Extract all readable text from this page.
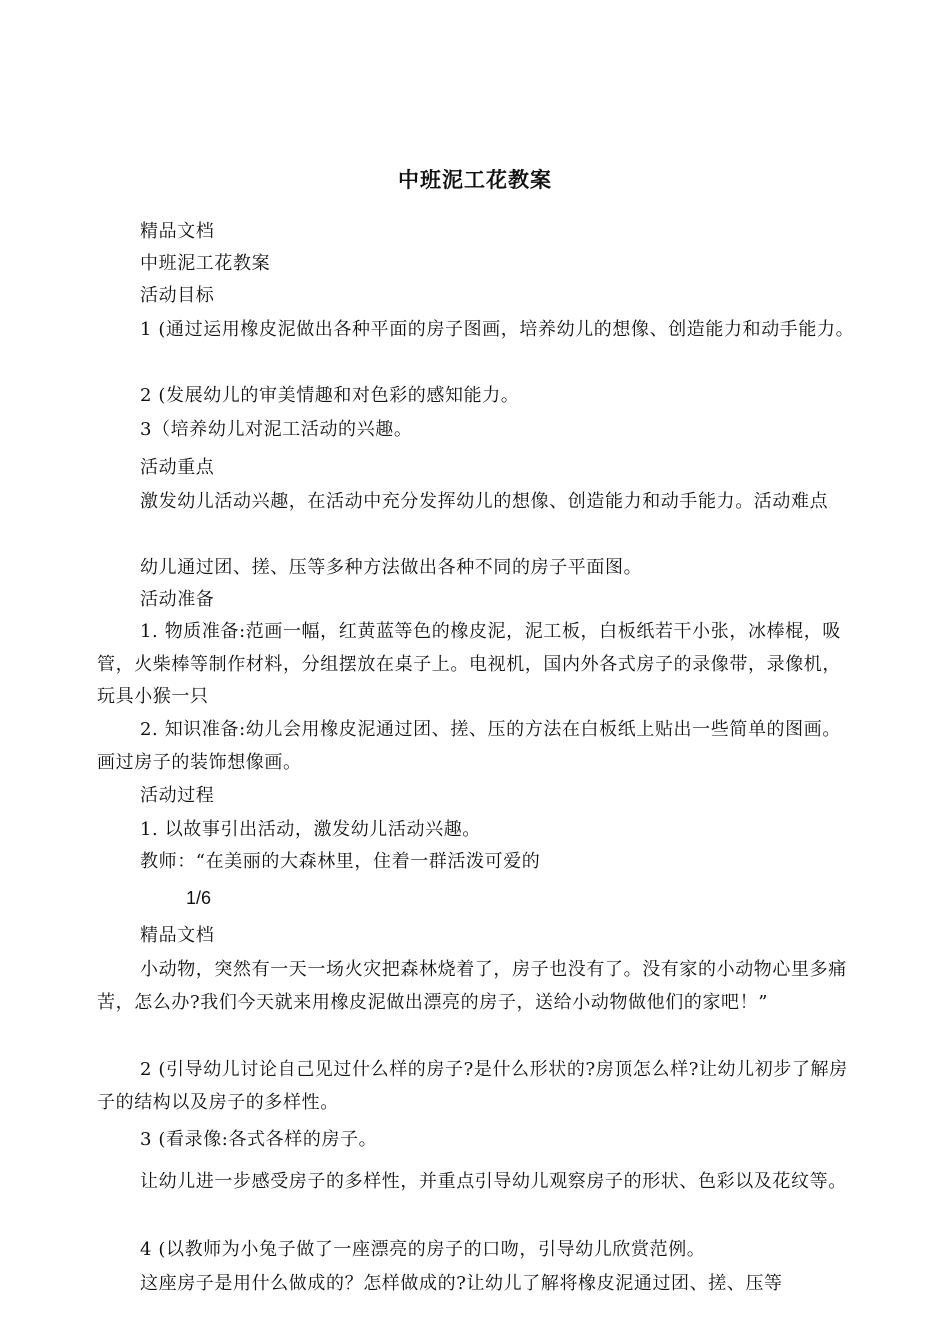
中班泥工花教案
精品文档
中班泥工花教案
活动目标
1 (通过运用橡皮泥做出各种平面的房子图画，培养幼儿的想像、创造能力和动手能力。
2 (发展幼儿的审美情趣和对色彩的感知能力。
3（培养幼儿对泥工活动的兴趣。
活动重点
激发幼儿活动兴趣，在活动中充分发挥幼儿的想像、创造能力和动手能力。活动难点
幼儿通过团、搓、压等多种方法做出各种不同的房子平面图。
活动准备
1. 物质准备:范画一幅，红黄蓝等色的橡皮泥，泥工板，白板纸若干小张，冰棒棍，吸管，火柴棒等制作材料，分组摆放在桌子上。电视机，国内外各式房子的录像带，录像机，玩具小猴一只
2. 知识准备:幼儿会用橡皮泥通过团、搓、压的方法在白板纸上贴出一些简单的图画。画过房子的装饰想像画。
活动过程
1. 以故事引出活动，激发幼儿活动兴趣。
教师：“在美丽的大森林里，住着一群活泼可爱的
1/6
精品文档
小动物，突然有一天一场火灾把森林烧着了，房子也没有了。没有家的小动物心里多痛苦，怎么办?我们今天就来用橡皮泥做出漂亮的房子，送给小动物做他们的家吧！”
2 (引导幼儿讨论自己见过什么样的房子?是什么形状的?房顶怎么样?让幼儿初步了解房子的结构以及房子的多样性。
3 (看录像:各式各样的房子。
让幼儿进一步感受房子的多样性，并重点引导幼儿观察房子的形状、色彩以及花纹等。
4 (以教师为小兔子做了一座漂亮的房子的口吻，引导幼儿欣赏范例。
这座房子是用什么做成的？怎样做成的?让幼儿了解将橡皮泥通过团、搓、压等
